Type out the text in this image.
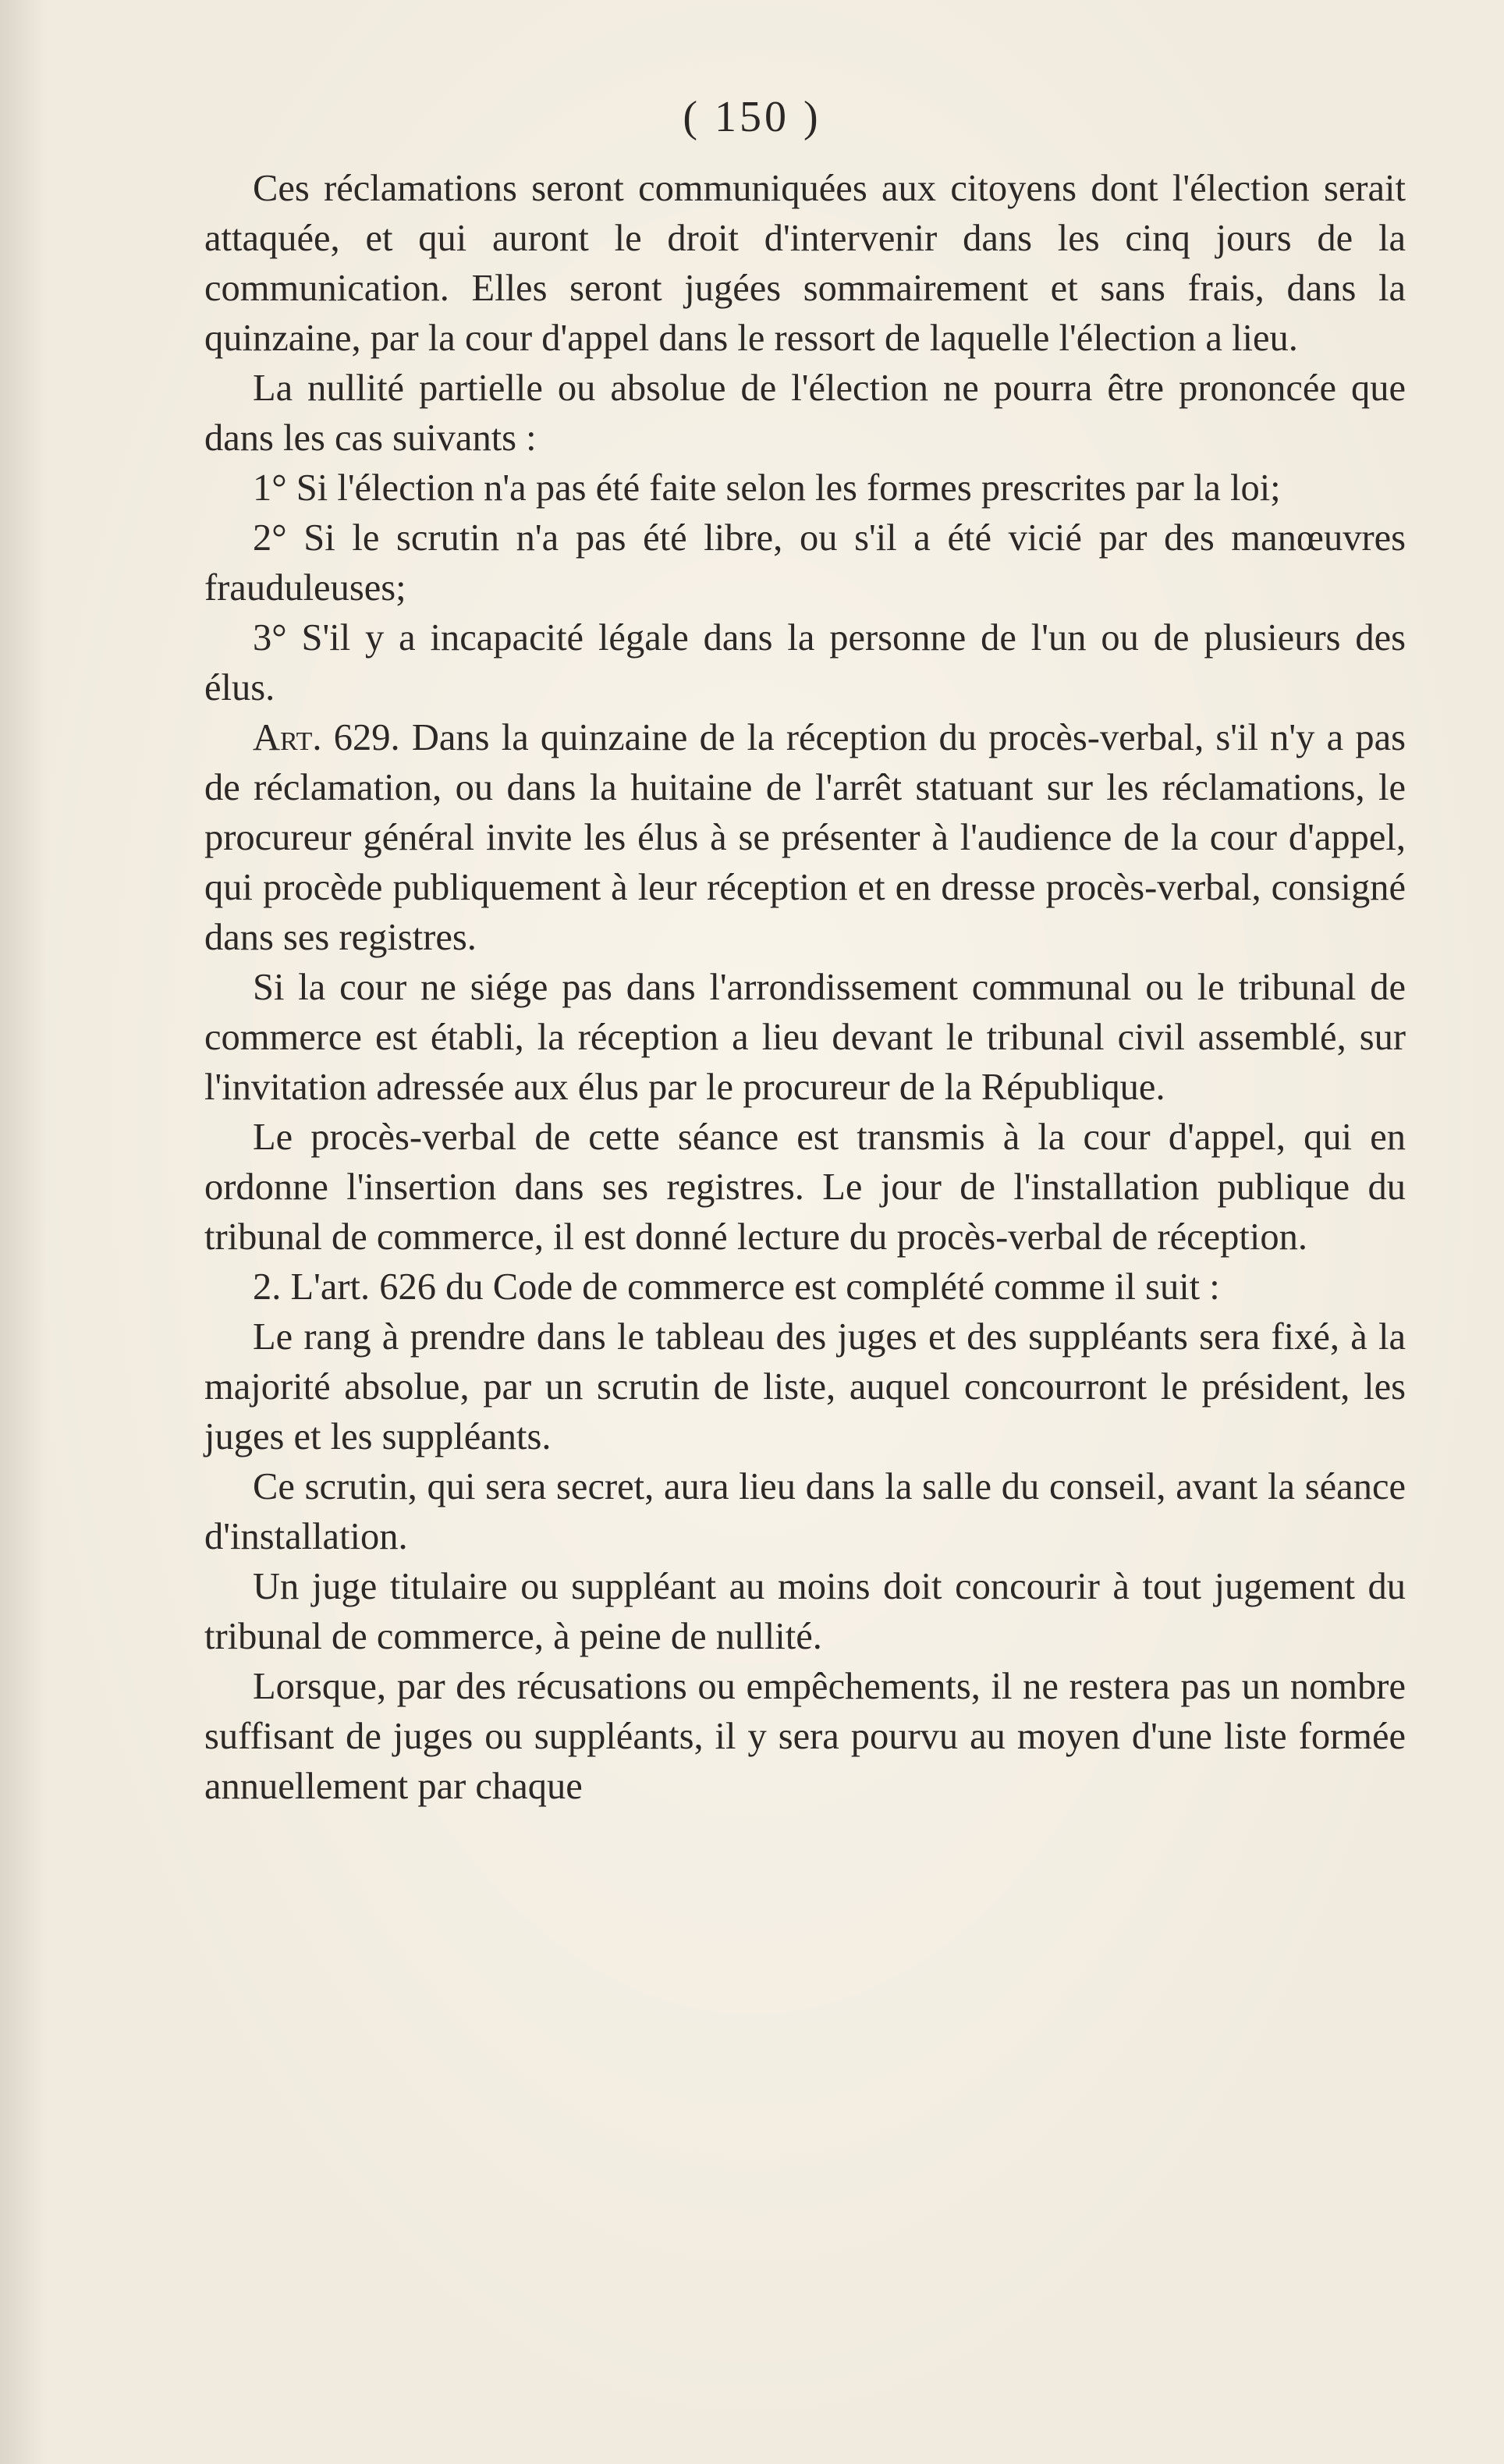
( 150 )

Ces réclamations seront communiquées aux citoyens dont l'élection serait attaquée, et qui auront le droit d'intervenir dans les cinq jours de la communication. Elles seront jugées sommairement et sans frais, dans la quinzaine, par la cour d'appel dans le ressort de laquelle l'élection a lieu.

La nullité partielle ou absolue de l'élection ne pourra être prononcée que dans les cas suivants :

1° Si l'élection n'a pas été faite selon les formes prescrites par la loi;

2° Si le scrutin n'a pas été libre, ou s'il a été vicié par des manœuvres frauduleuses;

3° S'il y a incapacité légale dans la personne de l'un ou de plusieurs des élus.

Art. 629. Dans la quinzaine de la réception du procès-verbal, s'il n'y a pas de réclamation, ou dans la huitaine de l'arrêt statuant sur les réclamations, le procureur général invite les élus à se présenter à l'audience de la cour d'appel, qui procède publiquement à leur réception et en dresse procès-verbal, consigné dans ses registres.

Si la cour ne siége pas dans l'arrondissement communal ou le tribunal de commerce est établi, la réception a lieu devant le tribunal civil assemblé, sur l'invitation adressée aux élus par le procureur de la République.

Le procès-verbal de cette séance est transmis à la cour d'appel, qui en ordonne l'insertion dans ses registres. Le jour de l'installation publique du tribunal de commerce, il est donné lecture du procès-verbal de réception.

2. L'art. 626 du Code de commerce est complété comme il suit :

Le rang à prendre dans le tableau des juges et des suppléants sera fixé, à la majorité absolue, par un scrutin de liste, auquel concourront le président, les juges et les suppléants.

Ce scrutin, qui sera secret, aura lieu dans la salle du conseil, avant la séance d'installation.

Un juge titulaire ou suppléant au moins doit concourir à tout jugement du tribunal de commerce, à peine de nullité.

Lorsque, par des récusations ou empêchements, il ne restera pas un nombre suffisant de juges ou suppléants, il y sera pourvu au moyen d'une liste formée annuellement par chaque
